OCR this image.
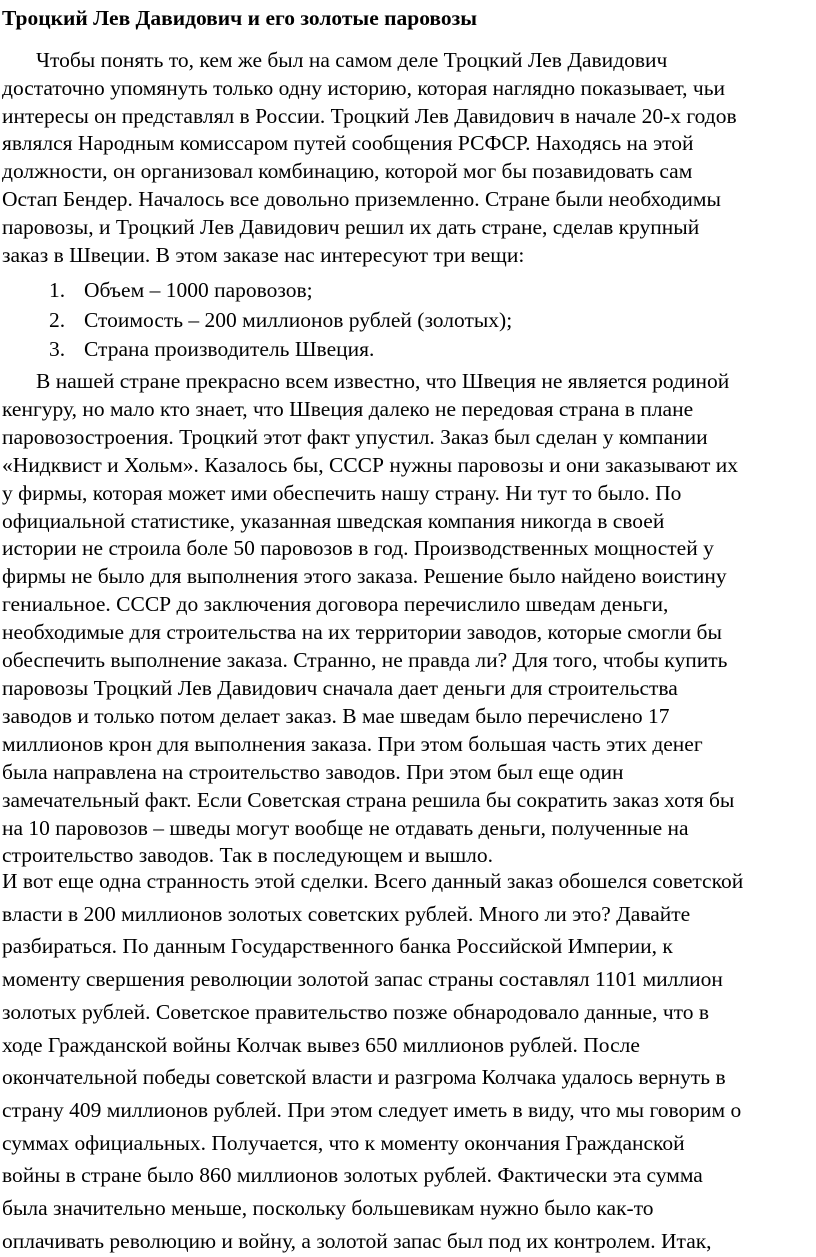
Троцкий Лев Давидович и его золотые паровозы

Чтобы понять то, кем же был на самом деле Троцкий Лев Давидович
достаточно упомянуть только одну историю, которая наглядно показывает, чьи
интересы он представлял в России. Троцкий Лев Давидович в начале 20-х годов
являлся Народным комиссаром путей сообщения РСФСР. Находясь на этой
должности, он организовал комбинацию, которой мог бы позавидовать сам
Остап Бендер. Началось все довольно приземленно. Стране были необходимы
паровозы, и Троцкий Лев Давидович решил их дать стране, сделав крупный
заказ в Швеции. В этом заказе нас интересуют три вещи:

1. Объем – 1000 паровозов;
2. Стоимость – 200 миллионов рублей (золотых);
3. Страна производитель Швеция.

В нашей стране прекрасно всем известно, что Швеция не является родиной
кенгуру, но мало кто знает, что Швеция далеко не передовая страна в плане
паровозостроения. Троцкий этот факт упустил. Заказ был сделан у компании
«Нидквист и Хольм». Казалось бы, СССР нужны паровозы и они заказывают их
у фирмы, которая может ими обеспечить нашу страну. Ни тут то было. По
официальной статистике, указанная шведская компания никогда в своей
истории не строила боле 50 паровозов в год. Производственных мощностей у
фирмы не было для выполнения этого заказа. Решение было найдено воистину
гениальное. СССР до заключения договора перечислило шведам деньги,
необходимые для строительства на их территории заводов, которые смогли бы
обеспечить выполнение заказа. Странно, не правда ли? Для того, чтобы купить
паровозы Троцкий Лев Давидович сначала дает деньги для строительства
заводов и только потом делает заказ. В мае шведам было перечислено 17
миллионов крон для выполнения заказа. При этом большая часть этих денег
была направлена на строительство заводов. При этом был еще один
замечательный факт. Если Советская страна решила бы сократить заказ хотя бы
на 10 паровозов – шведы могут вообще не отдавать деньги, полученные на
строительство заводов. Так в последующем и вышло.

И вот еще одна странность этой сделки. Всего данный заказ обошелся советской
власти в 200 миллионов золотых советских рублей. Много ли это? Давайте
разбираться. По данным Государственного банка Российской Империи, к
моменту свершения революции золотой запас страны составлял 1101 миллион
золотых рублей. Советское правительство позже обнародовало данные, что в
ходе Гражданской войны Колчак вывез 650 миллионов рублей. После
окончательной победы советской власти и разгрома Колчака удалось вернуть в
страну 409 миллионов рублей. При этом следует иметь в виду, что мы говорим о
суммах официальных. Получается, что к моменту окончания Гражданской
войны в стране было 860 миллионов золотых рублей. Фактически эта сумма
была значительно меньше, поскольку большевикам нужно было как-то
оплачивать революцию и войну, а золотой запас был под их контролем. Итак,
